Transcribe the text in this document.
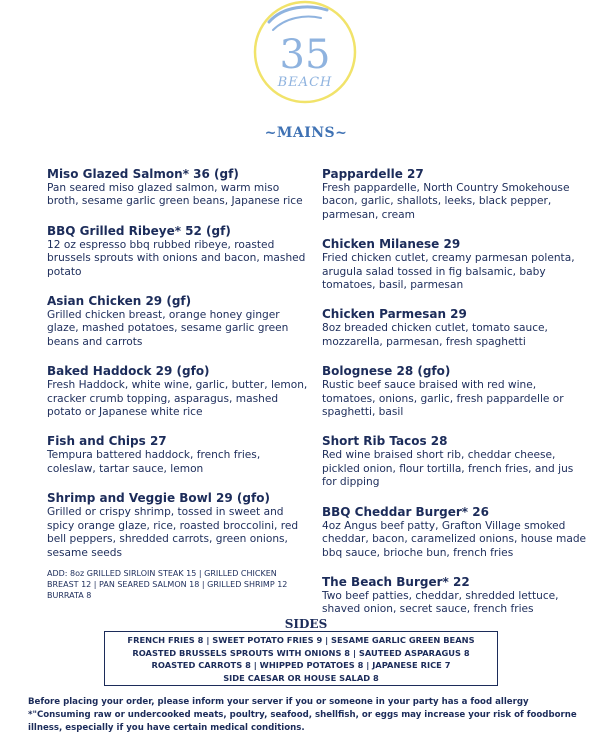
35
BEACH
~MAINS~
Miso Glazed Salmon* 36 (gf)
Pan seared miso glazed salmon, warm miso broth, sesame garlic green beans, Japanese rice
BBQ Grilled Ribeye* 52 (gf)
12 oz espresso bbq rubbed ribeye, roasted brussels sprouts with onions and bacon, mashed potato
Asian Chicken 29 (gf)
Grilled chicken breast, orange honey ginger glaze, mashed potatoes, sesame garlic green beans and carrots
Baked Haddock 29 (gfo)
Fresh Haddock, white wine, garlic, butter, lemon, cracker crumb topping, asparagus, mashed potato or Japanese white rice
Fish and Chips 27
Tempura battered haddock, french fries, coleslaw, tartar sauce, lemon
Shrimp and Veggie Bowl 29 (gfo)
Grilled or crispy shrimp, tossed in sweet and spicy orange glaze, rice, roasted broccolini, red bell peppers, shredded carrots, green onions, sesame seeds
ADD: 8oz GRILLED SIRLOIN STEAK 15 | GRILLED CHICKEN BREAST 12 | PAN SEARED SALMON 18 | GRILLED SHRIMP 12 BURRATA 8
Pappardelle 27
Fresh pappardelle, North Country Smokehouse bacon, garlic, shallots, leeks, black pepper, parmesan, cream
Chicken Milanese 29
Fried chicken cutlet, creamy parmesan polenta, arugula salad tossed in fig balsamic, baby tomatoes, basil, parmesan
Chicken Parmesan 29
8oz breaded chicken cutlet, tomato sauce, mozzarella, parmesan, fresh spaghetti
Bolognese 28 (gfo)
Rustic beef sauce braised with red wine, tomatoes, onions, garlic, fresh pappardelle or spaghetti, basil
Short Rib Tacos 28
Red wine braised short rib, cheddar cheese, pickled onion, flour tortilla, french fries, and jus for dipping
BBQ Cheddar Burger* 26
4oz Angus beef patty, Grafton Village smoked cheddar, bacon, caramelized onions, house made bbq sauce, brioche bun, french fries
The Beach Burger* 22
Two beef patties, cheddar, shredded lettuce, shaved onion, secret sauce, french fries
SIDES
FRENCH FRIES 8 | SWEET POTATO FRIES 9 | SESAME GARLIC GREEN BEANS
ROASTED BRUSSELS SPROUTS WITH ONIONS 8 | SAUTEED ASPARAGUS 8
ROASTED CARROTS 8 | WHIPPED POTATOES 8 | JAPANESE RICE 7
SIDE CAESAR OR HOUSE SALAD 8
Before placing your order, please inform your server if you or someone in your party has a food allergy *"Consuming raw or undercooked meats, poultry, seafood, shellfish, or eggs may increase your risk of foodborne illness, especially if you have certain medical conditions.
